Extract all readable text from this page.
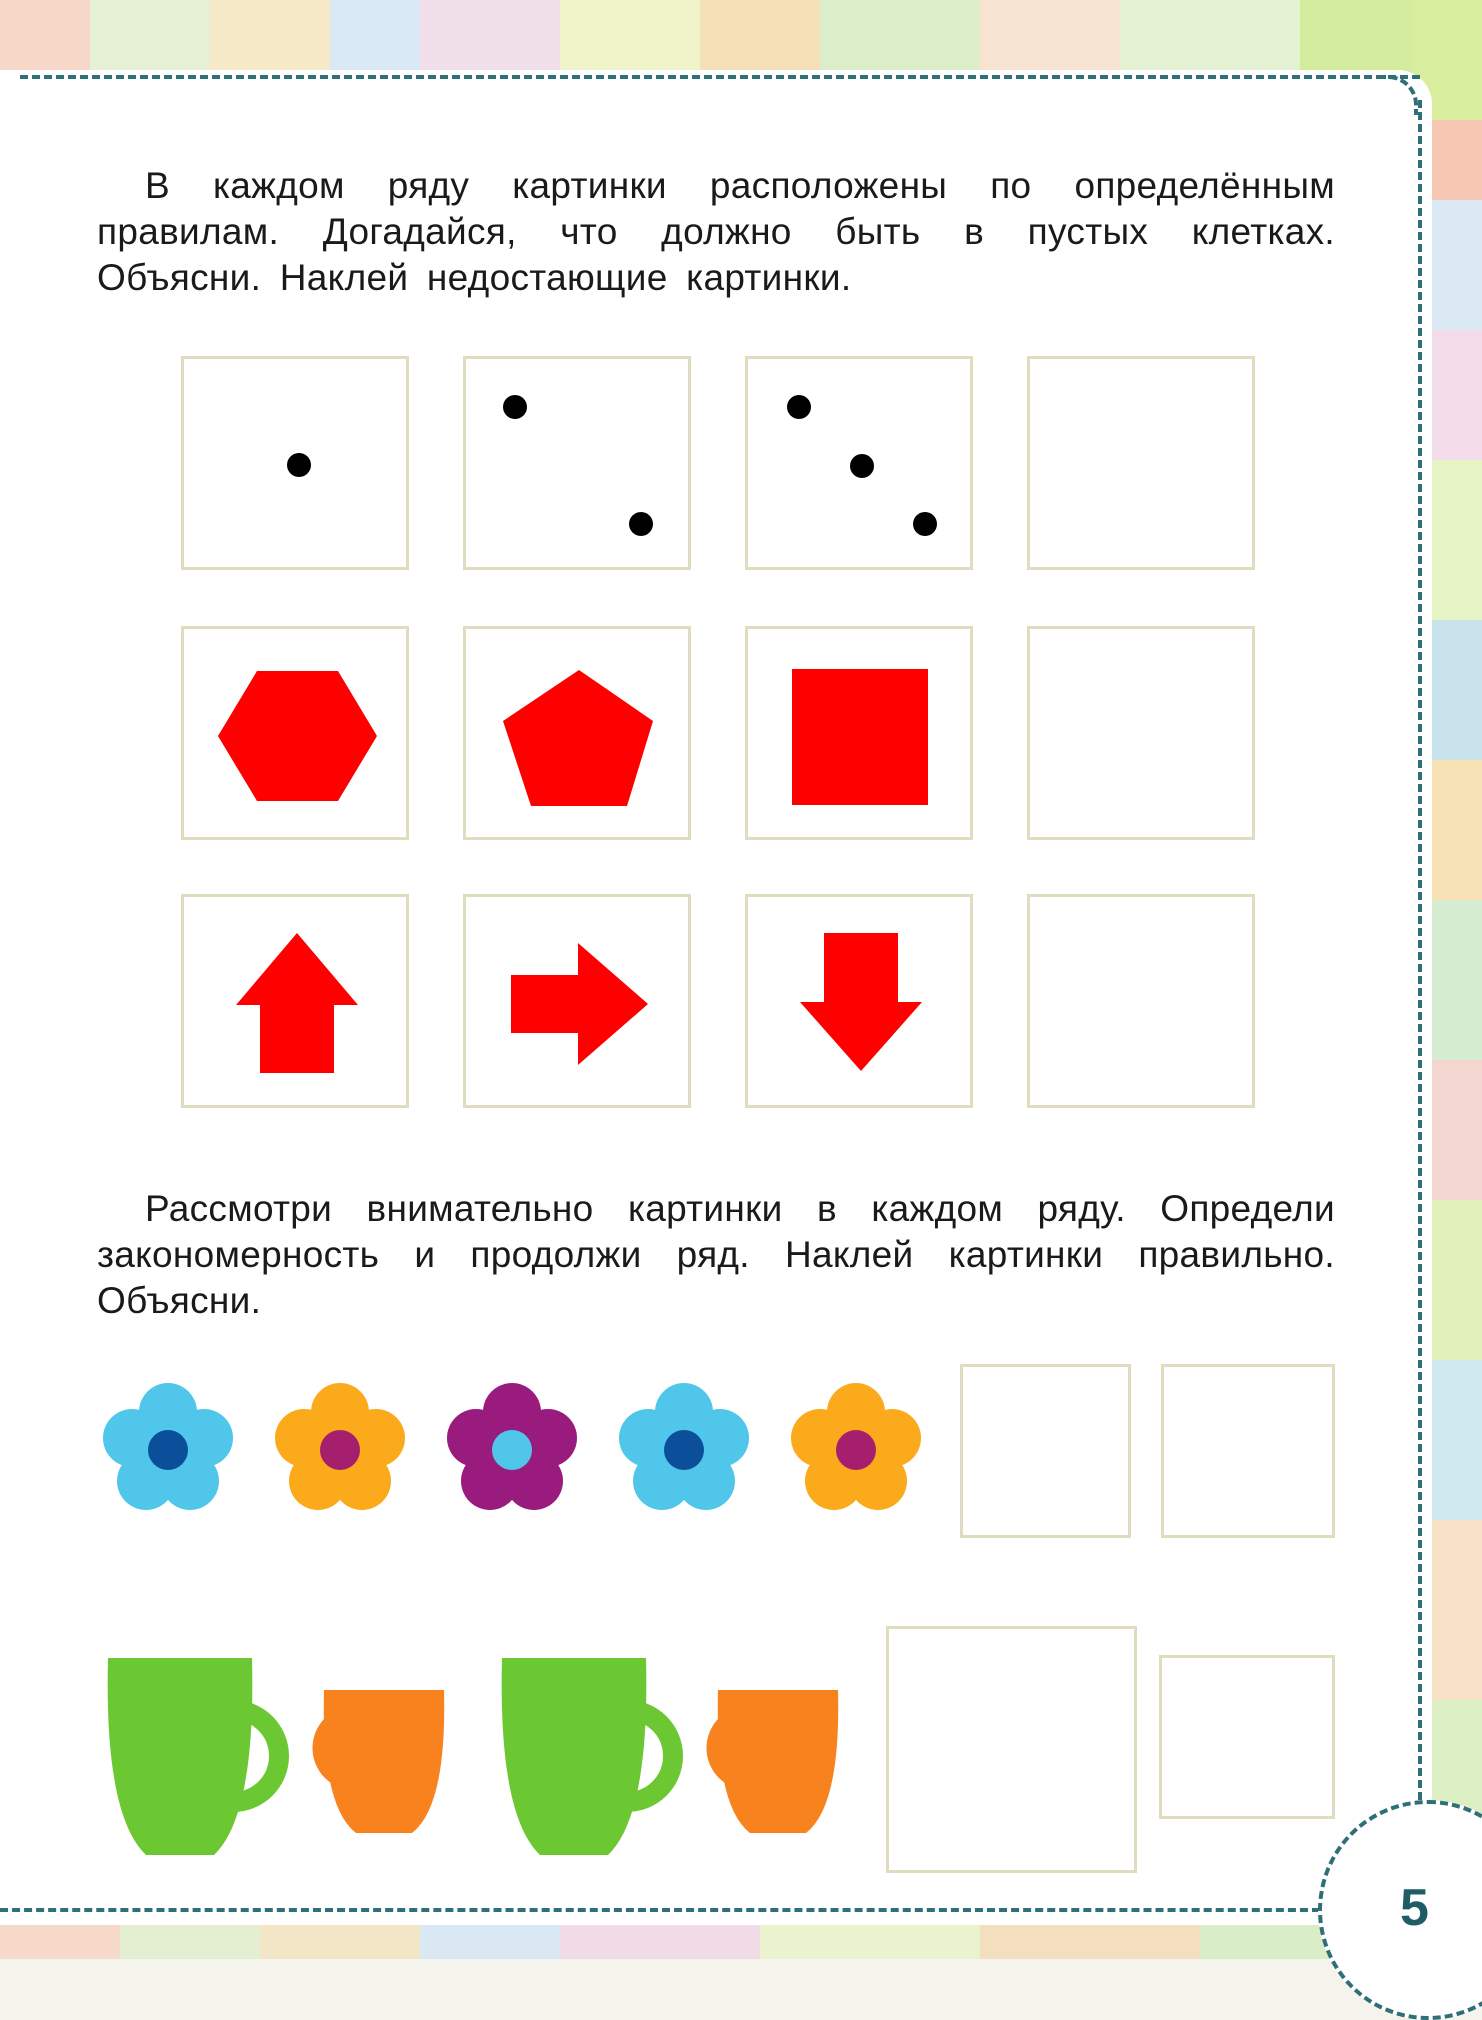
В каждом ряду картинки расположены по определённым правилам. Догадайся, что должно быть в пустых клетках. Объясни. Наклей недостающие картинки.

Рассмотри внимательно картинки в каждом ряду. Определи закономерность и продолжи ряд. Наклей картинки правильно. Объясни.

5
